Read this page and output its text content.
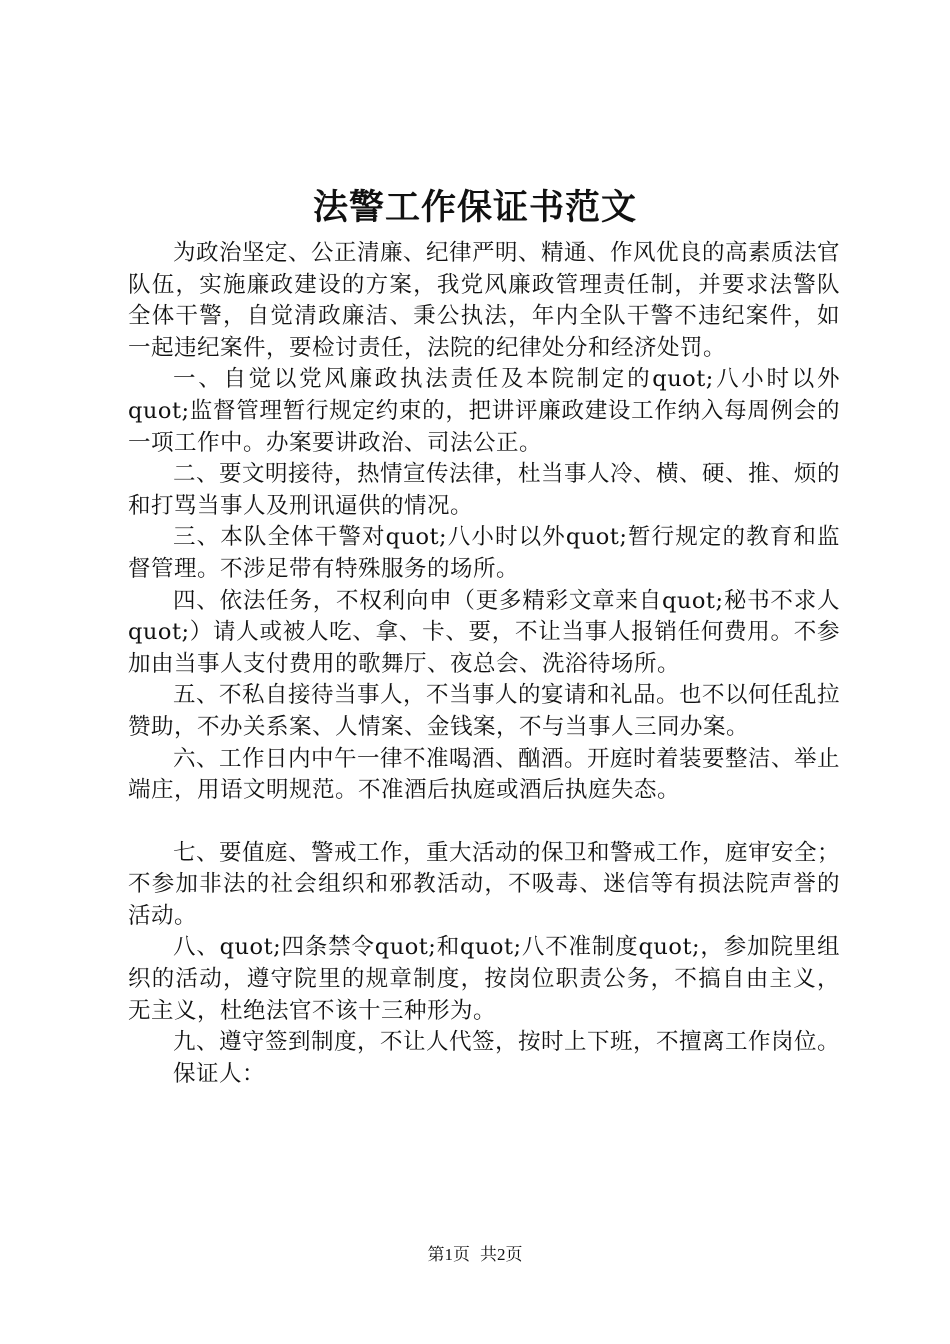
法警工作保证书范文

为政治坚定、公正清廉、纪律严明、精通、作风优良的高素质法官队伍，实施廉政建设的方案，我党风廉政管理责任制，并要求法警队全体干警，自觉清政廉洁、秉公执法，年内全队干警不违纪案件，如一起违纪案件，要检讨责任，法院的纪律处分和经济处罚。

一、自觉以党风廉政执法责任及本院制定的quot;八小时以外quot;监督管理暂行规定约束的，把讲评廉政建设工作纳入每周例会的一项工作中。办案要讲政治、司法公正。

二、要文明接待，热情宣传法律，杜当事人冷、横、硬、推、烦的和打骂当事人及刑讯逼供的情况。

三、本队全体干警对quot;八小时以外quot;暂行规定的教育和监督管理。不涉足带有特殊服务的场所。

四、依法任务，不权利向申（更多精彩文章来自quot;秘书不求人quot;）请人或被人吃、拿、卡、要，不让当事人报销任何费用。不参加由当事人支付费用的歌舞厅、夜总会、洗浴待场所。

五、不私自接待当事人，不当事人的宴请和礼品。也不以何任乱拉赞助，不办关系案、人情案、金钱案，不与当事人三同办案。

六、工作日内中午一律不准喝酒、酗酒。开庭时着装要整洁、举止端庄，用语文明规范。不准酒后执庭或酒后执庭失态。

七、要值庭、警戒工作，重大活动的保卫和警戒工作，庭审安全；不参加非法的社会组织和邪教活动，不吸毒、迷信等有损法院声誉的活动。

八、quot;四条禁令quot;和quot;八不准制度quot;，参加院里组织的活动，遵守院里的规章制度，按岗位职责公务，不搞自由主义，无主义，杜绝法官不该十三种形为。

九、遵守签到制度，不让人代签，按时上下班，不擅离工作岗位。

保证人：

第1页 共2页
